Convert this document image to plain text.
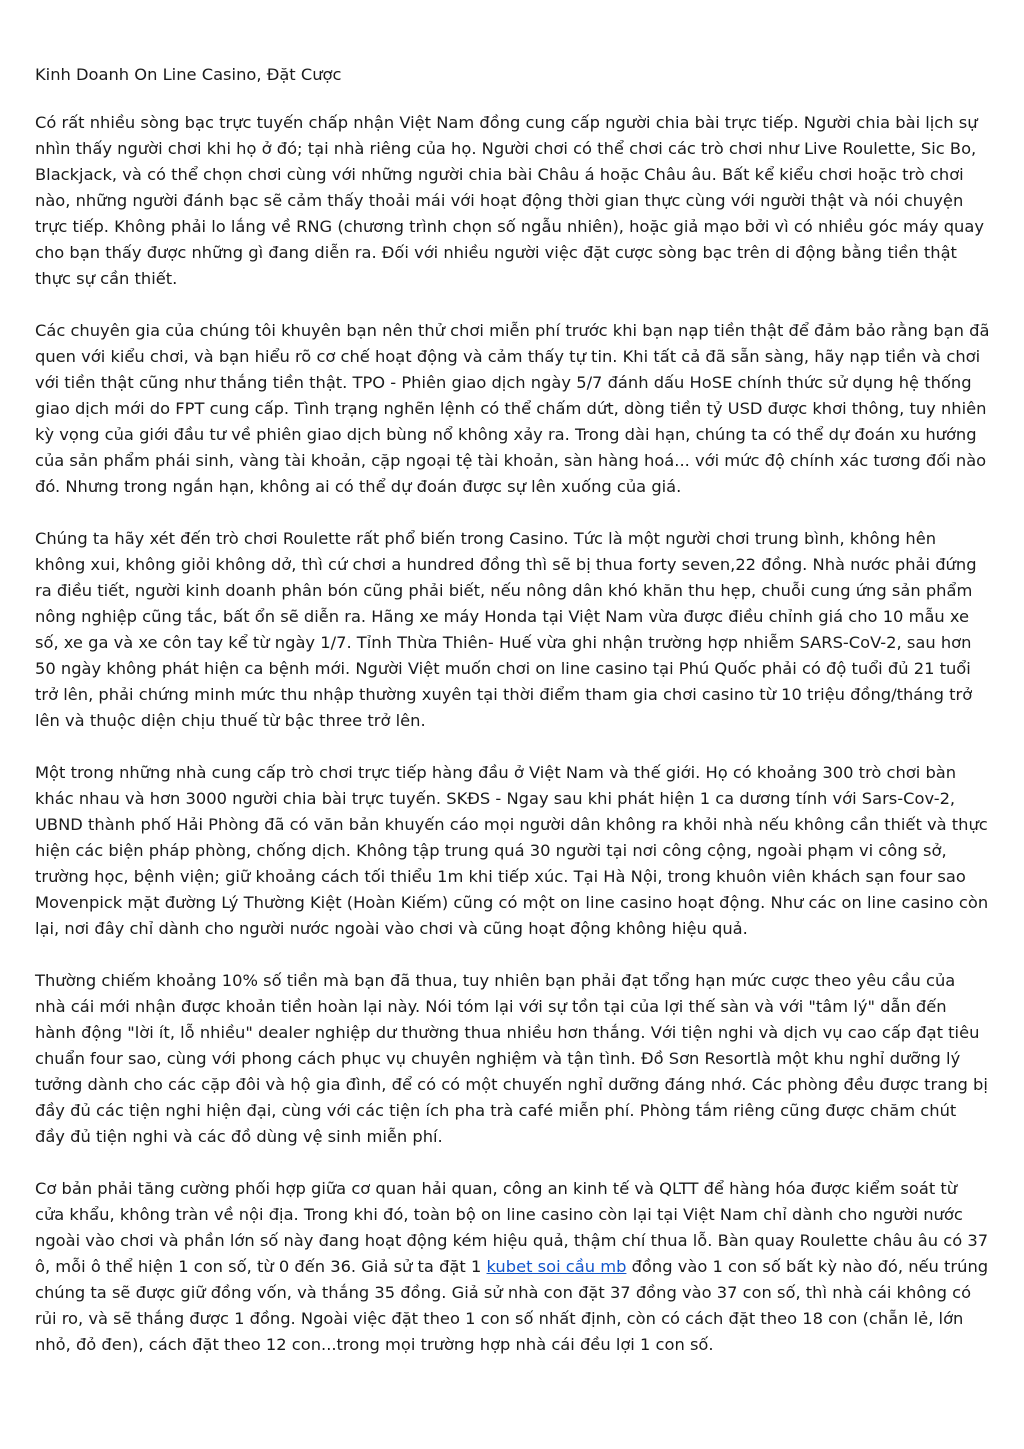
Kinh Doanh On Line Casino, Đặt Cược

Có rất nhiều sòng bạc trực tuyến chấp nhận Việt Nam đồng cung cấp người chia bài trực tiếp. Người chia bài lịch sự nhìn thấy người chơi khi họ ở đó; tại nhà riêng của họ. Người chơi có thể chơi các trò chơi như Live Roulette, Sic Bo, Blackjack, và có thể chọn chơi cùng với những người chia bài Châu á hoặc Châu âu. Bất kể kiểu chơi hoặc trò chơi nào, những người đánh bạc sẽ cảm thấy thoải mái với hoạt động thời gian thực cùng với người thật và nói chuyện trực tiếp. Không phải lo lắng về RNG (chương trình chọn số ngẫu nhiên), hoặc giả mạo bởi vì có nhiều góc máy quay cho bạn thấy được những gì đang diễn ra. Đối với nhiều người việc đặt cược sòng bạc trên di động bằng tiền thật thực sự cần thiết.

Các chuyên gia của chúng tôi khuyên bạn nên thử chơi miễn phí trước khi bạn nạp tiền thật để đảm bảo rằng bạn đã quen với kiểu chơi, và bạn hiểu rõ cơ chế hoạt động và cảm thấy tự tin. Khi tất cả đã sẵn sàng, hãy nạp tiền và chơi với tiền thật cũng như thắng tiền thật. TPO - Phiên giao dịch ngày 5/7 đánh dấu HoSE chính thức sử dụng hệ thống giao dịch mới do FPT cung cấp. Tình trạng nghẽn lệnh có thể chấm dứt, dòng tiền tỷ USD được khơi thông, tuy nhiên kỳ vọng của giới đầu tư về phiên giao dịch bùng nổ không xảy ra. Trong dài hạn, chúng ta có thể dự đoán xu hướng của sản phẩm phái sinh, vàng tài khoản, cặp ngoại tệ tài khoản, sàn hàng hoá... với mức độ chính xác tương đối nào đó. Nhưng trong ngắn hạn, không ai có thể dự đoán được sự lên xuống của giá.

Chúng ta hãy xét đến trò chơi Roulette rất phổ biến trong Casino. Tức là một người chơi trung bình, không hên không xui, không giỏi không dở, thì cứ chơi a hundred đồng thì sẽ bị thua forty seven,22 đồng. Nhà nước phải đứng ra điều tiết, người kinh doanh phân bón cũng phải biết, nếu nông dân khó khăn thu hẹp, chuỗi cung ứng sản phẩm nông nghiệp cũng tắc, bất ổn sẽ diễn ra. Hãng xe máy Honda tại Việt Nam vừa được điều chỉnh giá cho 10 mẫu xe số, xe ga và xe côn tay kể từ ngày 1/7. Tỉnh Thừa Thiên- Huế vừa ghi nhận trường hợp nhiễm SARS-CoV-2, sau hơn 50 ngày không phát hiện ca bệnh mới. Người Việt muốn chơi on line casino tại Phú Quốc phải có độ tuổi đủ 21 tuổi trở lên, phải chứng minh mức thu nhập thường xuyên tại thời điểm tham gia chơi casino từ 10 triệu đồng/tháng trở lên và thuộc diện chịu thuế từ bậc three trở lên.

Một trong những nhà cung cấp trò chơi trực tiếp hàng đầu ở Việt Nam và thế giới. Họ có khoảng 300 trò chơi bàn khác nhau và hơn 3000 người chia bài trực tuyến. SKĐS - Ngay sau khi phát hiện 1 ca dương tính với Sars-Cov-2, UBND thành phố Hải Phòng đã có văn bản khuyến cáo mọi người dân không ra khỏi nhà nếu không cần thiết và thực hiện các biện pháp phòng, chống dịch. Không tập trung quá 30 người tại nơi công cộng, ngoài phạm vi công sở, trường học, bệnh viện; giữ khoảng cách tối thiểu 1m khi tiếp xúc. Tại Hà Nội, trong khuôn viên khách sạn four sao Movenpick mặt đường Lý Thường Kiệt (Hoàn Kiếm) cũng có một on line casino hoạt động. Như các on line casino còn lại, nơi đây chỉ dành cho người nước ngoài vào chơi và cũng hoạt động không hiệu quả.

Thường chiếm khoảng 10% số tiền mà bạn đã thua, tuy nhiên bạn phải đạt tổng hạn mức cược theo yêu cầu của nhà cái mới nhận được khoản tiền hoàn lại này. Nói tóm lại với sự tồn tại của lợi thế sàn và với "tâm lý" dẫn đến hành động "lời ít, lỗ nhiều" dealer nghiệp dư thường thua nhiều hơn thắng. Với tiện nghi và dịch vụ cao cấp đạt tiêu chuẩn four sao, cùng với phong cách phục vụ chuyên nghiệm và tận tình. Đồ Sơn Resortlà một khu nghỉ dưỡng lý tưởng dành cho các cặp đôi và hộ gia đình, để có có một chuyến nghỉ dưỡng đáng nhớ. Các phòng đều được trang bị đầy đủ các tiện nghi hiện đại, cùng với các tiện ích pha trà café miễn phí. Phòng tắm riêng cũng được chăm chút đầy đủ tiện nghi và các đồ dùng vệ sinh miễn phí.

Cơ bản phải tăng cường phối hợp giữa cơ quan hải quan, công an kinh tế và QLTT để hàng hóa được kiểm soát từ cửa khẩu, không tràn về nội địa. Trong khi đó, toàn bộ on line casino còn lại tại Việt Nam chỉ dành cho người nước ngoài vào chơi và phần lớn số này đang hoạt động kém hiệu quả, thậm chí thua lỗ. Bàn quay Roulette châu âu có 37 ô, mỗi ô thể hiện 1 con số, từ 0 đến 36. Giả sử ta đặt 1 kubet soi cầu mb đồng vào 1 con số bất kỳ nào đó, nếu trúng chúng ta sẽ được giữ đồng vốn, và thắng 35 đồng. Giả sử nhà con đặt 37 đồng vào 37 con số, thì nhà cái không có rủi ro, và sẽ thắng được 1 đồng. Ngoài việc đặt theo 1 con số nhất định, còn có cách đặt theo 18 con (chẵn lẻ, lớn nhỏ, đỏ đen), cách đặt theo 12 con...trong mọi trường hợp nhà cái đều lợi 1 con số.
